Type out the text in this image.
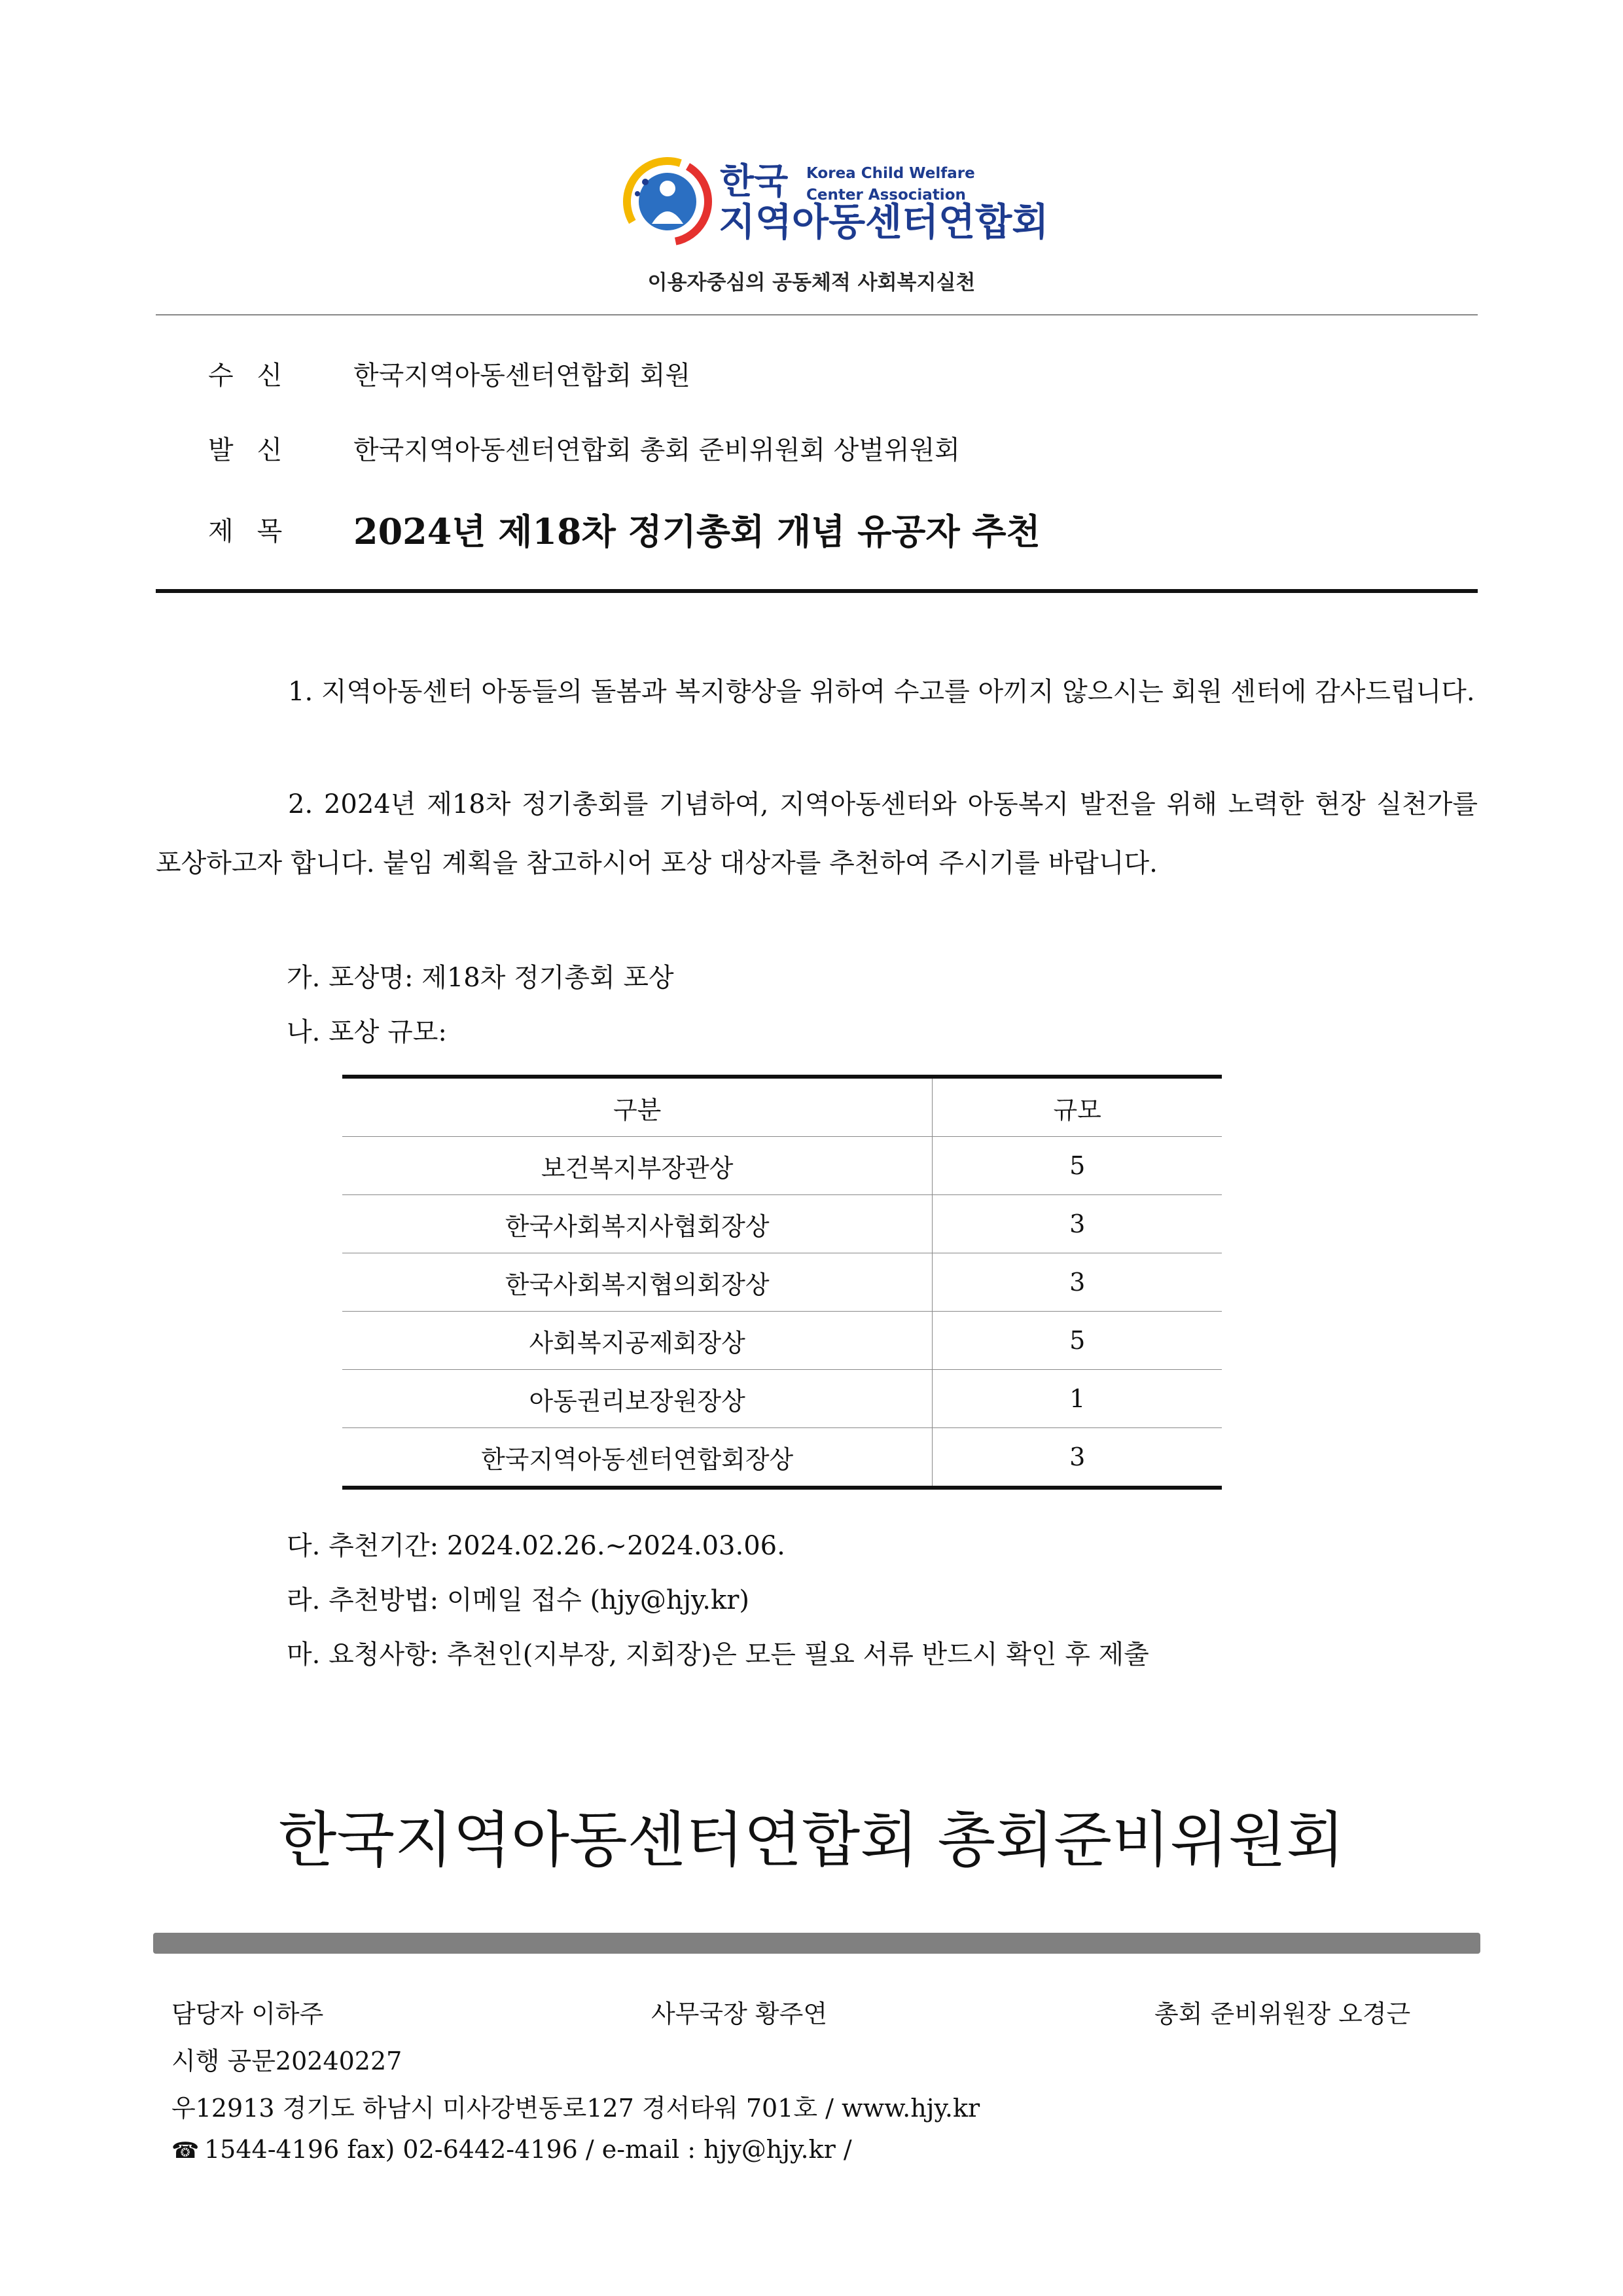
한국 Korea Child Welfare
Center Association
지역아동센터연합회
이용자중심의 공동체적 사회복지실천
수신 한국지역아동센터연합회 회원
발신 한국지역아동센터연합회 총회 준비위원회 상벌위원회
제목 2024년 제18차 정기총회 개념 유공자 추천
1. 지역아동센터 아동들의 돌봄과 복지향상을 위하여 수고를 아끼지 않으시는 회원 센터에 감사드립니다.
2. 2024년 제18차 정기총회를 기념하여, 지역아동센터와 아동복지 발전을 위해 노력한 현장 실천가를 포상하고자 합니다. 붙임 계획을 참고하시어 포상 대상자를 추천하여 주시기를 바랍니다.
가. 포상명: 제18차 정기총회 포상
나. 포상 규모:
구분	규모
보건복지부장관상	5
한국사회복지사협회장상	3
한국사회복지협의회장상	3
사회복지공제회장상	5
아동권리보장원장상	1
한국지역아동센터연합회장상	3
다. 추천기간: 2024.02.26.~2024.03.06.
라. 추천방법: 이메일 접수 (hjy@hjy.kr)
마. 요청사항: 추천인(지부장, 지회장)은 모든 필요 서류 반드시 확인 후 제출
한국지역아동센터연합회 총회준비위원회
담당자 이하주	사무국장 황주연	총회 준비위원장 오경근
시행 공문20240227
우12913 경기도 하남시 미사강변동로127 경서타워 701호 / www.hjy.kr
☎ 1544-4196 fax) 02-6442-4196 / e-mail : hjy@hjy.kr /
